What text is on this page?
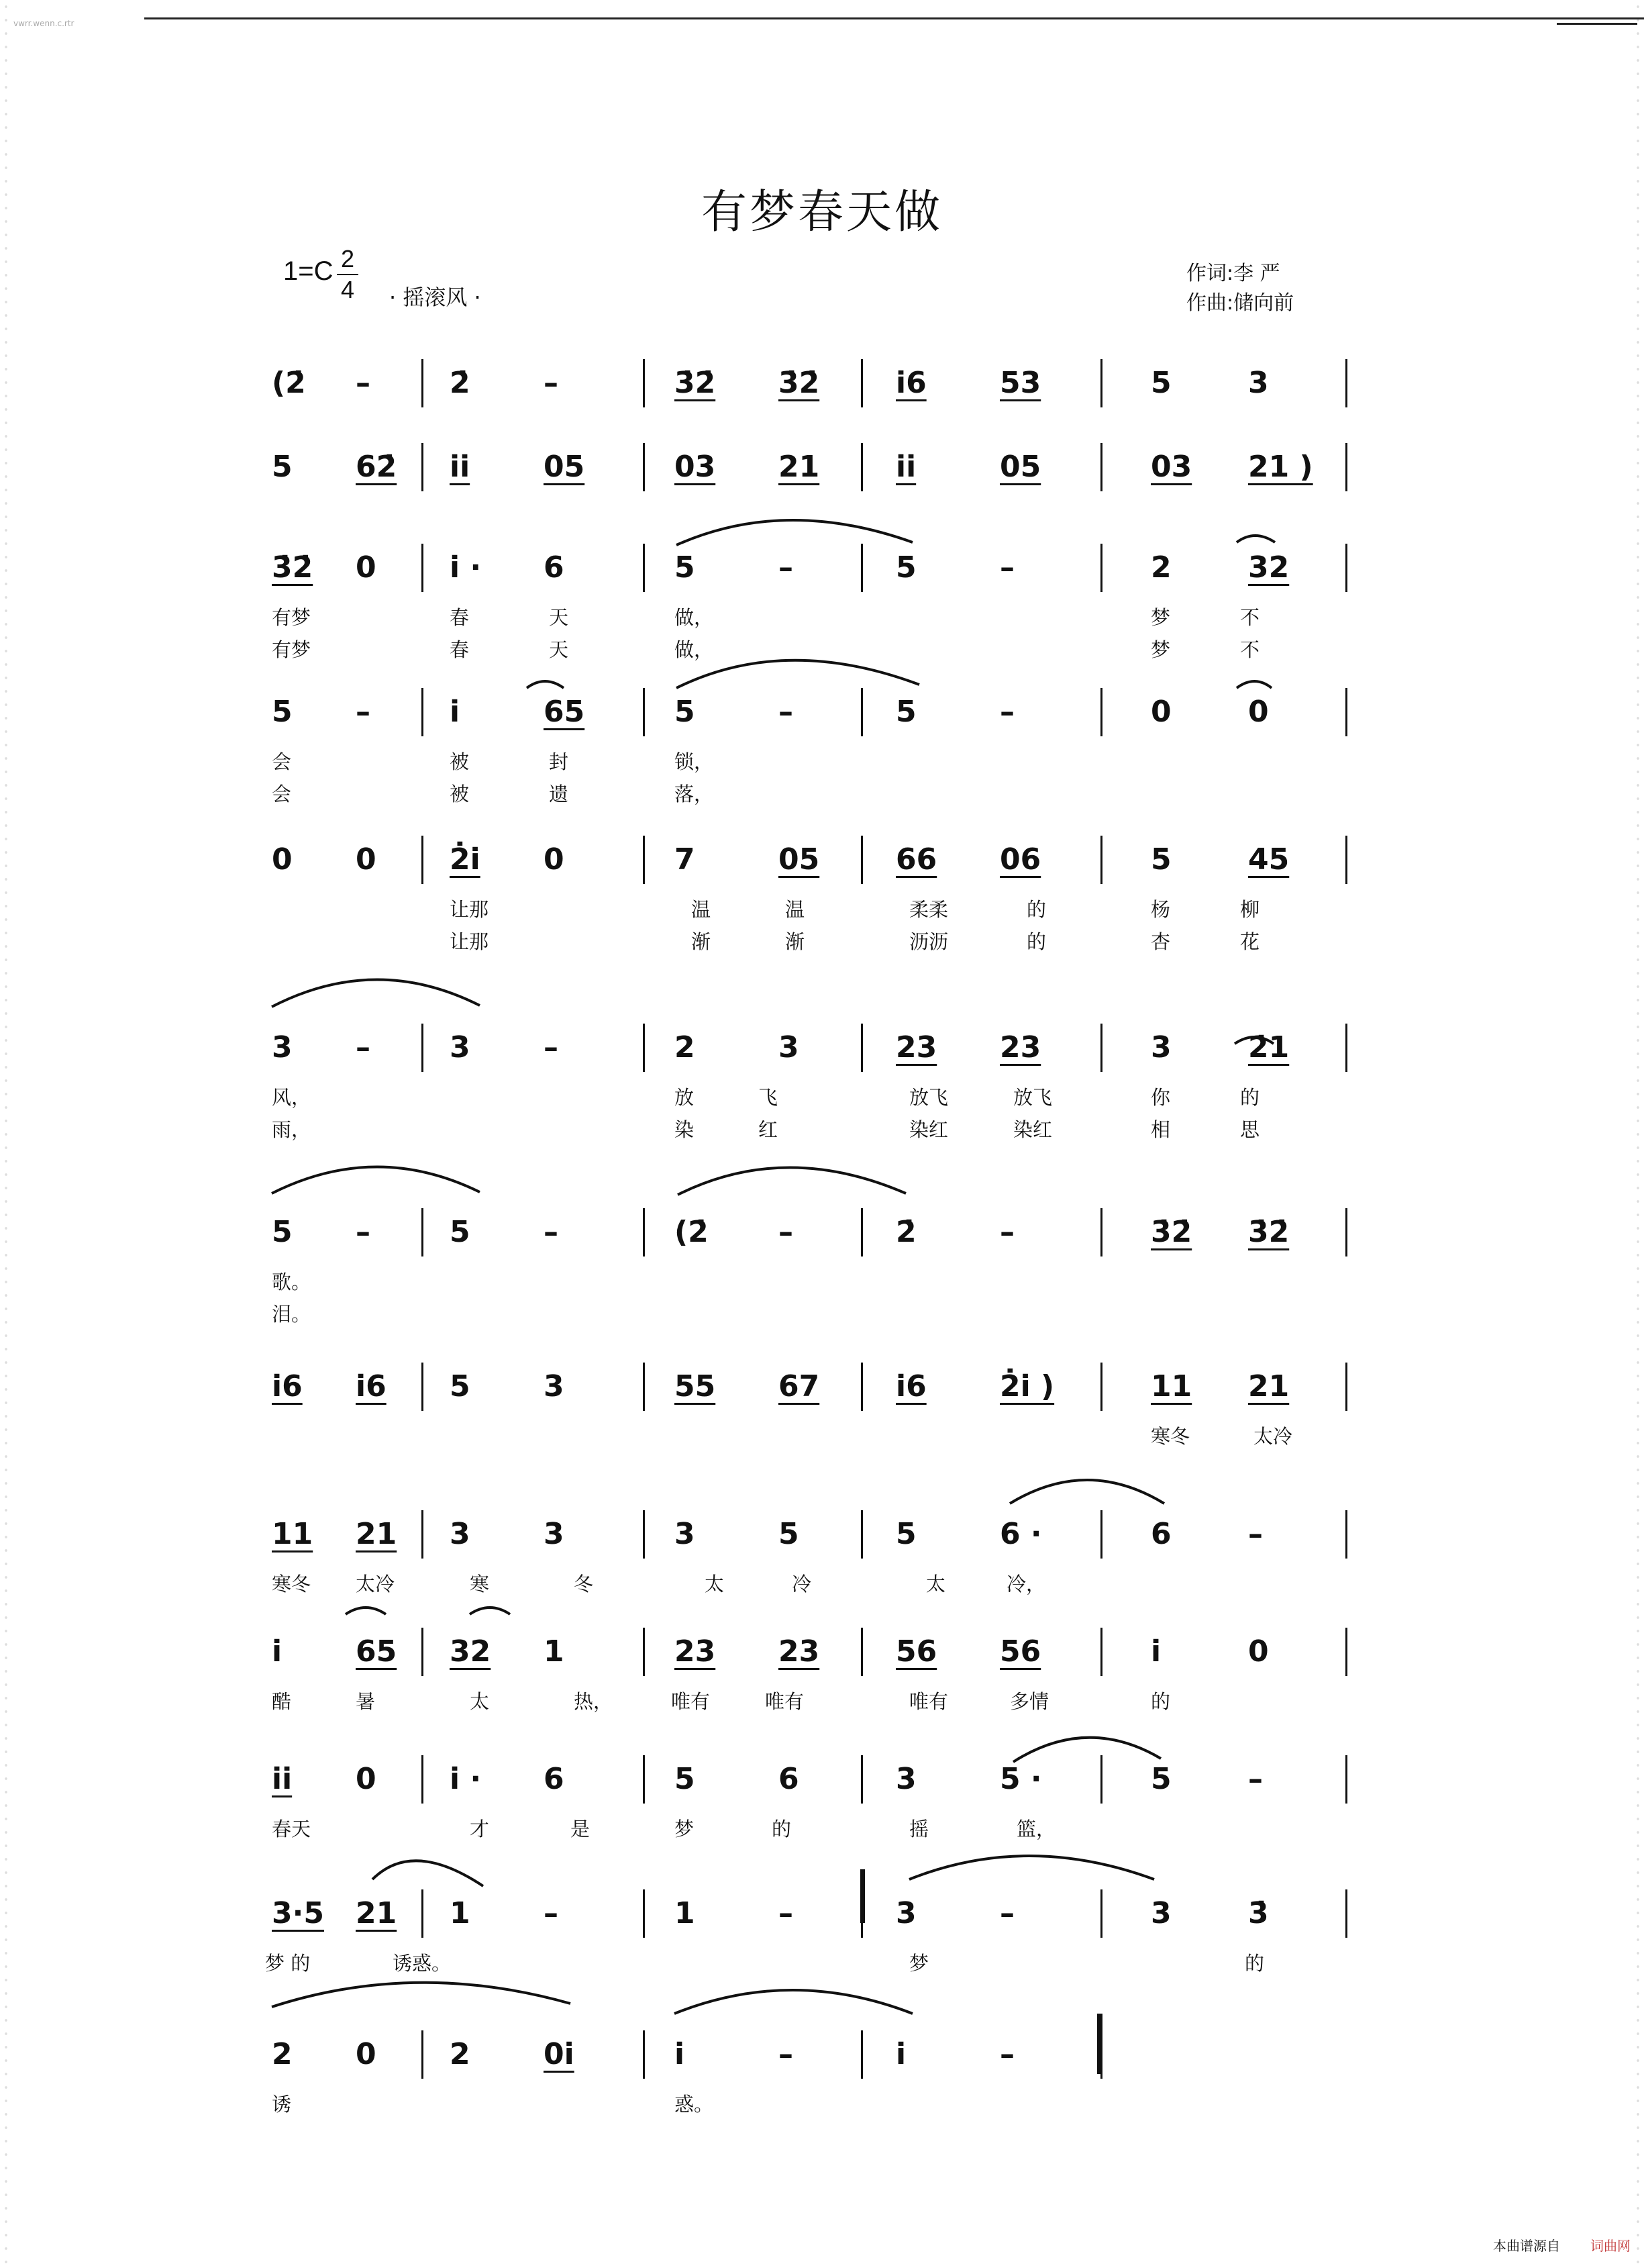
vwrr.wenn.c.rtr
有梦春天做
1=C 2
4 · 摇滚风 ·
作词:李 严
作曲:储向前
(2̇ –	2̇ –	3̇2̇ 3̇2̇	i̇6 53	5	3
5 62̇ i̇i̇ 05	03 21	i̇i̇	05	03 21 )
3̇2̇ 0 i̇ · 6	5	–	5	–	2	32
有梦	春	天	做，	梦	不
有梦	春	天	做，	梦	不
5 –	i̇	65	5	–	5	–	0	0
会	被	封	锁，
会	被	遗	落，
0 0 2̇i̇ 0	7	05	66 06	5	45
让那	温	温	柔柔	的	杨	柳
让那	渐	渐	沥沥	的	杏	花
3 –	3 –	2	3	23 23	3	2̇1
风，	放	飞	放飞	放飞	你	的
雨，	染	红	染红	染红	相	思
5 –	5 –	(2̇ –	2̇	–	3̇2̇ 3̇2̇
歌。
泪。
i̇6 i̇6 5 3	55 67	i̇6 2̇i̇ )	11 21
寒冬	太冷
11 21 3 3	3	5	5	6 ·	6	–
寒冬 太冷	寒	冬	太	冷	太	冷，
i̇ 65 32 1	23 23	56 56	i̇	0
酷	暑	太	热，	唯有	唯有	唯有	多情	的
i̇i̇ 0 i̇ · 6	5	6	3	5 ·	5	–
春天	才	是	梦	的	摇	篮，
3·5 21 1 –	1	–	3	–	3	3̇
梦 的	诱惑。	梦	的
2 0 2 0i̇	i̇	–	i̇	–
诱	惑。
本曲谱源自 词曲网
